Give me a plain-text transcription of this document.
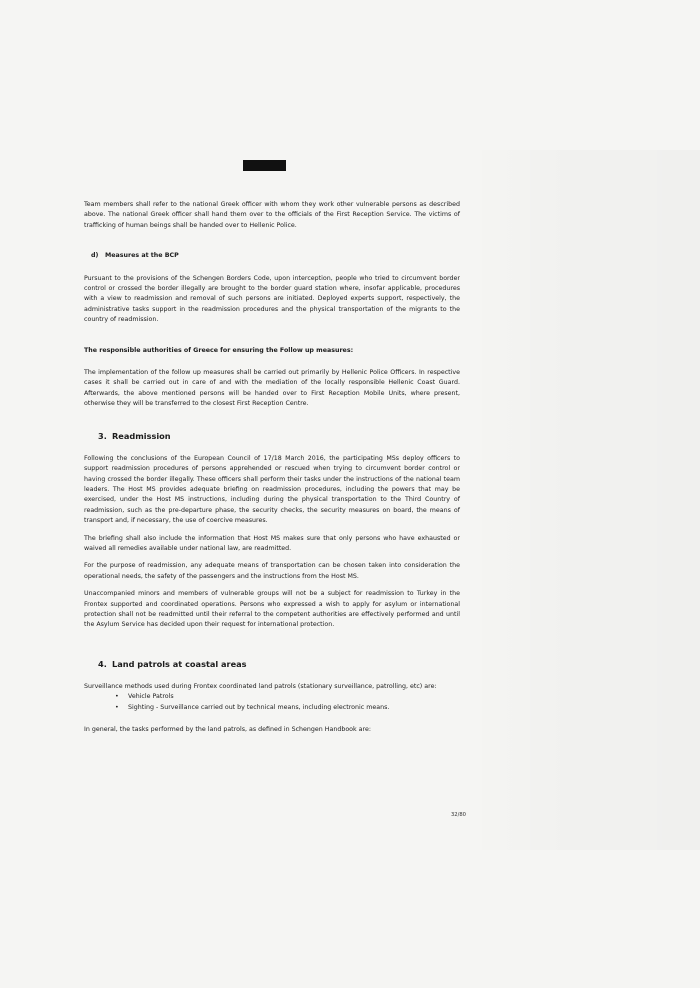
Team members shall refer to the national Greek officer with whom they work other vulnerable persons as described above. The national Greek officer shall hand them over to the officials of the First Reception Service. The victims of trafficking of human beings shall be handed over to Hellenic Police.

d) Measures at the BCP

Pursuant to the provisions of the Schengen Borders Code, upon interception, people who tried to circumvent border control or crossed the border illegally are brought to the border guard station where, insofar applicable, procedures with a view to readmission and removal of such persons are initiated. Deployed experts support, respectively, the administrative tasks support in the readmission procedures and the physical transportation of the migrants to the country of readmission.

The responsible authorities of Greece for ensuring the Follow up measures:

The implementation of the follow up measures shall be carried out primarily by Hellenic Police Officers. In respective cases it shall be carried out in care of and with the mediation of the locally responsible Hellenic Coast Guard. Afterwards, the above mentioned persons will be handed over to First Reception Mobile Units, where present, otherwise they will be transferred to the closest First Reception Centre.

3. Readmission

Following the conclusions of the European Council of 17/18 March 2016, the participating MSs deploy officers to support readmission procedures of persons apprehended or rescued when trying to circumvent border control or having crossed the border illegally. These officers shall perform their tasks under the instructions of the national team leaders. The Host MS provides adequate briefing on readmission procedures, including the powers that may be exercised, under the Host MS instructions, including during the physical transportation to the Third Country of readmission, such as the pre-departure phase, the security checks, the security measures on board, the means of transport and, if necessary, the use of coercive measures.

The briefing shall also include the information that Host MS makes sure that only persons who have exhausted or waived all remedies available under national law, are readmitted.

For the purpose of readmission, any adequate means of transportation can be chosen taken into consideration the operational needs, the safety of the passengers and the instructions from the Host MS.

Unaccompanied minors and members of vulnerable groups will not be a subject for readmission to Turkey in the Frontex supported and coordinated operations. Persons who expressed a wish to apply for asylum or international protection shall not be readmitted until their referral to the competent authorities are effectively performed and until the Asylum Service has decided upon their request for international protection.

4. Land patrols at coastal areas

Surveillance methods used during Frontex coordinated land patrols (stationary surveillance, patrolling, etc) are:

• Vehicle Patrols
• Sighting - Surveillance carried out by technical means, including electronic means.

In general, the tasks performed by the land patrols, as defined in Schengen Handbook are:

32/80
